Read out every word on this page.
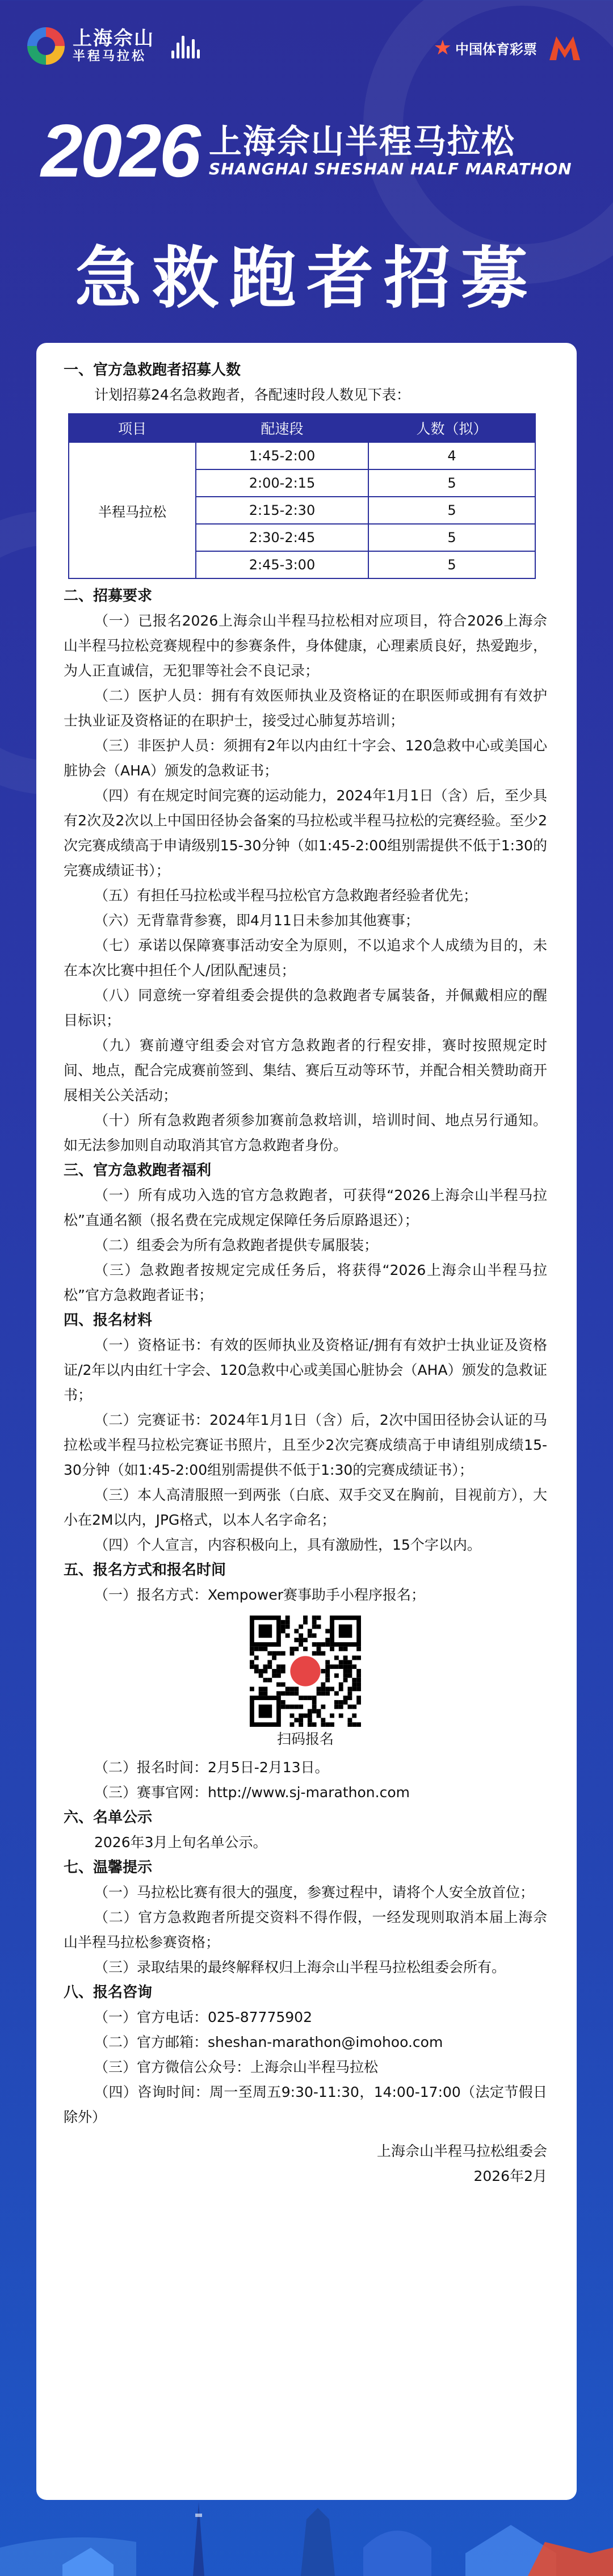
上海佘山
半程马拉松	★ 中国体育彩票
2026 上海佘山半程马拉松
SHANGHAI SHESHAN HALF MARATHON
急救跑者招募

一、官方急救跑者招募人数

计划招募24名急救跑者，各配速时段人数见下表：

项目	配速段	人数（拟）
半程马拉松	1:45-2:00	4
	2:00-2:15	5
	2:15-2:30	5
	2:30-2:45	5
	2:45-3:00	5

二、招募要求

（一）已报名2026上海佘山半程马拉松相对应项目，符合2026上海佘山半程马拉松竞赛规程中的参赛条件，身体健康，心理素质良好，热爱跑步，为人正直诚信，无犯罪等社会不良记录；

（二）医护人员：拥有有效医师执业及资格证的在职医师或拥有有效护士执业证及资格证的在职护士，接受过心肺复苏培训；

（三）非医护人员：须拥有2年以内由红十字会、120急救中心或美国心脏协会（AHA）颁发的急救证书；

（四）有在规定时间完赛的运动能力，2024年1月1日（含）后，至少具有2次及2次以上中国田径协会备案的马拉松或半程马拉松的完赛经验。至少2次完赛成绩高于申请级别15-30分钟（如1:45-2:00组别需提供不低于1:30的完赛成绩证书）；

（五）有担任马拉松或半程马拉松官方急救跑者经验者优先；

（六）无背靠背参赛，即4月11日未参加其他赛事；

（七）承诺以保障赛事活动安全为原则，不以追求个人成绩为目的，未在本次比赛中担任个人/团队配速员；

（八）同意统一穿着组委会提供的急救跑者专属装备，并佩戴相应的醒目标识；

（九）赛前遵守组委会对官方急救跑者的行程安排，赛时按照规定时间、地点，配合完成赛前签到、集结、赛后互动等环节，并配合相关赞助商开展相关公关活动；

（十）所有急救跑者须参加赛前急救培训，培训时间、地点另行通知。如无法参加则自动取消其官方急救跑者身份。

三、官方急救跑者福利

（一）所有成功入选的官方急救跑者，可获得“2026上海佘山半程马拉松”直通名额（报名费在完成规定保障任务后原路退还）；

（二）组委会为所有急救跑者提供专属服装；

（三）急救跑者按规定完成任务后，将获得“2026上海佘山半程马拉松”官方急救跑者证书；

四、报名材料

（一）资格证书：有效的医师执业及资格证/拥有有效护士执业证及资格证/2年以内由红十字会、120急救中心或美国心脏协会（AHA）颁发的急救证书；

（二）完赛证书：2024年1月1日（含）后，2次中国田径协会认证的马拉松或半程马拉松完赛证书照片，且至少2次完赛成绩高于申请组别成绩15-30分钟（如1:45-2:00组别需提供不低于1:30的完赛成绩证书）；

（三）本人高清服照一到两张（白底、双手交叉在胸前，目视前方），大小在2M以内，JPG格式，以本人名字命名；

（四）个人宣言，内容积极向上，具有激励性，15个字以内。

五、报名方式和报名时间

（一）报名方式：Xempower赛事助手小程序报名；

扫码报名

（二）报名时间：2月5日-2月13日。

（三）赛事官网：http://www.sj-marathon.com

六、名单公示

2026年3月上旬名单公示。

七、温馨提示

（一）马拉松比赛有很大的强度，参赛过程中，请将个人安全放首位；

（二）官方急救跑者所提交资料不得作假，一经发现则取消本届上海佘山半程马拉松参赛资格；

（三）录取结果的最终解释权归上海佘山半程马拉松组委会所有。

八、报名咨询

（一）官方电话：025-87775902

（二）官方邮箱：sheshan-marathon@imohoo.com

（三）官方微信公众号：上海佘山半程马拉松

（四）咨询时间：周一至周五9:30-11:30，14:00-17:00（法定节假日除外）

上海佘山半程马拉松组委会

2026年2月
